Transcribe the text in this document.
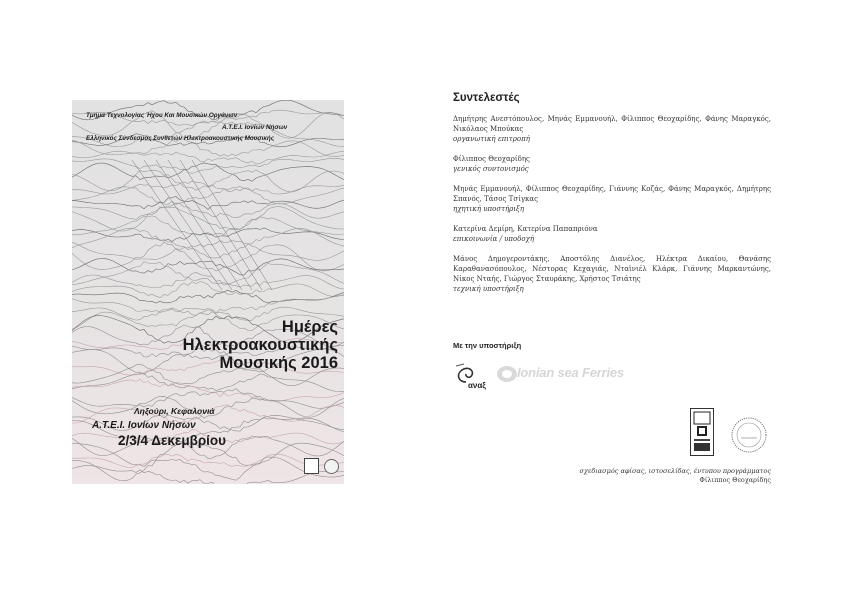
Τμήμα Τεχνολογίας Ήχου Και Μουσικών Οργάνων
Α.Τ.Ε.Ι. Ιονίων Νήσων
Ελληνικός Σύνδεσμος Συνθετών Ηλεκτροακουστικής Μουσικής
Ημέρες
Ηλεκτροακουστικής
Μουσικής 2016
Ληξούρι, Κεφαλονιά
Α.Τ.Ε.Ι. Ιονίων Νήσων
2/3/4 Δεκεμβρίου
Συντελεστές
Δημήτρης Ανεστόπουλος, Μηνάς Εμμανουήλ, Φίλιππος Θεοχαρίδης, Φάνης Μαραγκός, Νικόλαος Μπούκας
οργανωτική επιτροπή
Φίλιππος Θεοχαρίδης
γενικός συντονισμός
Μηνάς Εμμανουήλ, Φίλιππος Θεοχαρίδης, Γιάννης Κοζάς, Φάνης Μαραγκός, Δημήτρης Σπανός, Τάσος Τσίγκας
ηχητική υποστήριξη
Κατερίνα Δεμίρη, Κατερίνα Παπαπριόνα
επικοινωνία / υποδοχή
Μάνος Δημογεροντάκης, Αποστόλης Διανέλος, Ηλέκτρα Δικαίου, Θανάσης Καραθανασόπουλος, Νέστορας Κεχαγιάς, Νταϊνιέλ Κλάρκ, Γιάννης Μαρκαντώνης, Νίκος Νταής, Γιώργος Σταυράκης, Χρήστος Τσιάτης
τεχνική υποστήριξη
Με την υποστήριξη
αναξ
Ionian sea Ferries
σχεδιασμός αφίσας, ιστοσελίδας, έντυπου προγράμματος
Φίλιππος Θεοχαρίδης
